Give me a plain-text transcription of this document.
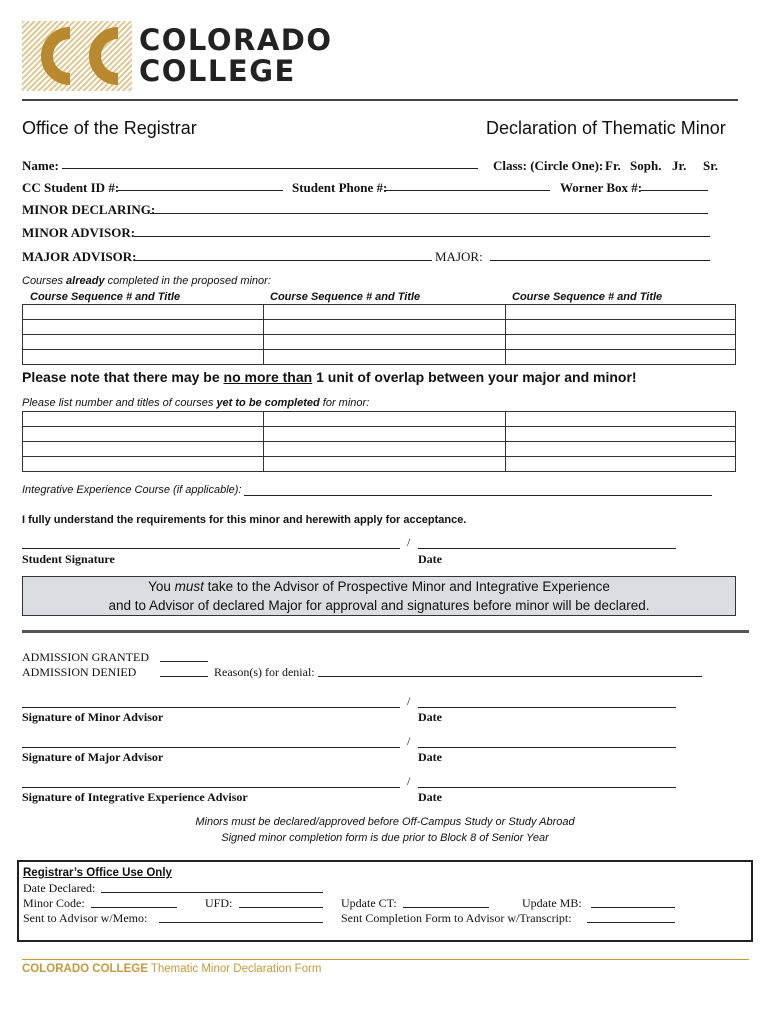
COLORADO
COLLEGE
Office of the Registrar	Declaration of Thematic Minor
Name:	Class: (Circle One): Fr. Soph. Jr. Sr.
CC Student ID #:	Student Phone #:	Worner Box #:
MINOR DECLARING:
MINOR ADVISOR:
MAJOR ADVISOR:	MAJOR:
Courses already completed in the proposed minor:
Course Sequence # and Title	Course Sequence # and Title	Course Sequence # and Title

Please note that there may be no more than 1 unit of overlap between your major and minor!
Please list number and titles of courses yet to be completed for minor:

Integrative Experience Course (if applicable):
I fully understand the requirements for this minor and herewith apply for acceptance.
/
Student Signature	Date
You must take to the Advisor of Prospective Minor and Integrative Experience
and to Advisor of declared Major for approval and signatures before minor will be declared.
ADMISSION GRANTED
ADMISSION DENIED	Reason(s) for denial:
/
Signature of Minor Advisor	Date
/
Signature of Major Advisor	Date
/
Signature of Integrative Experience Advisor	Date
Minors must be declared/approved before Off-Campus Study or Study Abroad
Signed minor completion form is due prior to Block 8 of Senior Year
Registrar’s Office Use Only
Date Declared:
Minor Code:	UFD:	Update CT:	Update MB:
Sent to Advisor w/Memo:	Sent Completion Form to Advisor w/Transcript:
COLORADO COLLEGE Thematic Minor Declaration Form
